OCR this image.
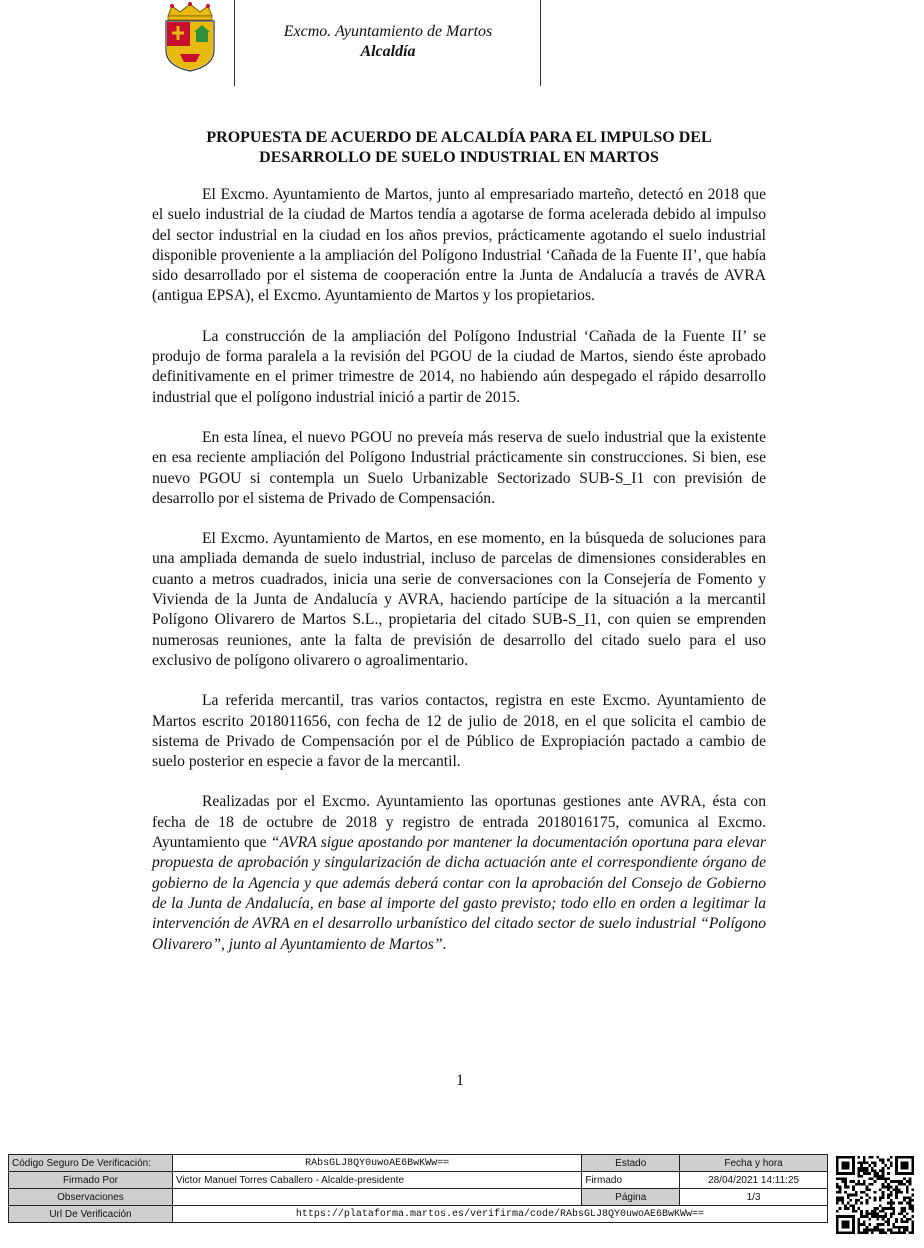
Excmo. Ayuntamiento de Martos
Alcaldía
PROPUESTA DE ACUERDO DE ALCALDÍA PARA EL IMPULSO DEL DESARROLLO DE SUELO INDUSTRIAL EN MARTOS

El Excmo. Ayuntamiento de Martos, junto al empresariado marteño, detectó en 2018 que el suelo industrial de la ciudad de Martos tendía a agotarse de forma acelerada debido al impulso del sector industrial en la ciudad en los años previos, prácticamente agotando el suelo industrial disponible proveniente a la ampliación del Polígono Industrial ‘Cañada de la Fuente II’, que había sido desarrollado por el sistema de cooperación entre la Junta de Andalucía a través de AVRA (antigua EPSA), el Excmo. Ayuntamiento de Martos y los propietarios.

La construcción de la ampliación del Polígono Industrial ‘Cañada de la Fuente II’ se produjo de forma paralela a la revisión del PGOU de la ciudad de Martos, siendo éste aprobado definitivamente en el primer trimestre de 2014, no habiendo aún despegado el rápido desarrollo industrial que el polígono industrial inició a partir de 2015.

En esta línea, el nuevo PGOU no preveía más reserva de suelo industrial que la existente en esa reciente ampliación del Polígono Industrial prácticamente sin construcciones. Si bien, ese nuevo PGOU si contempla un Suelo Urbanizable Sectorizado SUB-S_I1 con previsión de desarrollo por el sistema de Privado de Compensación.

El Excmo. Ayuntamiento de Martos, en ese momento, en la búsqueda de soluciones para una ampliada demanda de suelo industrial, incluso de parcelas de dimensiones considerables en cuanto a metros cuadrados, inicia una serie de conversaciones con la Consejería de Fomento y Vivienda de la Junta de Andalucía y AVRA, haciendo partícipe de la situación a la mercantil Polígono Olivarero de Martos S.L., propietaria del citado SUB-S_I1, con quien se emprenden numerosas reuniones, ante la falta de previsión de desarrollo del citado suelo para el uso exclusivo de polígono olivarero o agroalimentario.

La referida mercantil, tras varios contactos, registra en este Excmo. Ayuntamiento de Martos escrito 2018011656, con fecha de 12 de julio de 2018, en el que solicita el cambio de sistema de Privado de Compensación por el de Público de Expropiación pactado a cambio de suelo posterior en especie a favor de la mercantil.

Realizadas por el Excmo. Ayuntamiento las oportunas gestiones ante AVRA, ésta con fecha de 18 de octubre de 2018 y registro de entrada 2018016175, comunica al Excmo. Ayuntamiento que “AVRA sigue apostando por mantener la documentación oportuna para elevar propuesta de aprobación y singularización de dicha actuación ante el correspondiente órgano de gobierno de la Agencia y que además deberá contar con la aprobación del Consejo de Gobierno de la Junta de Andalucía, en base al importe del gasto previsto; todo ello en orden a legitimar la intervención de AVRA en el desarrollo urbanístico del citado sector de suelo industrial “Polígono Olivarero”, junto al Ayuntamiento de Martos”.

1
Código Seguro De Verificación:	RAbsGLJ8QY0uwoAE6BwKWw==	Estado	Fecha y hora
Firmado Por	Victor Manuel Torres Caballero - Alcalde-presidente	Firmado	28/04/2021 14:11:25
Observaciones		Página	1/3
Url De Verificación	https://plataforma.martos.es/verifirma/code/RAbsGLJ8QY0uwoAE6BwKWw==		
